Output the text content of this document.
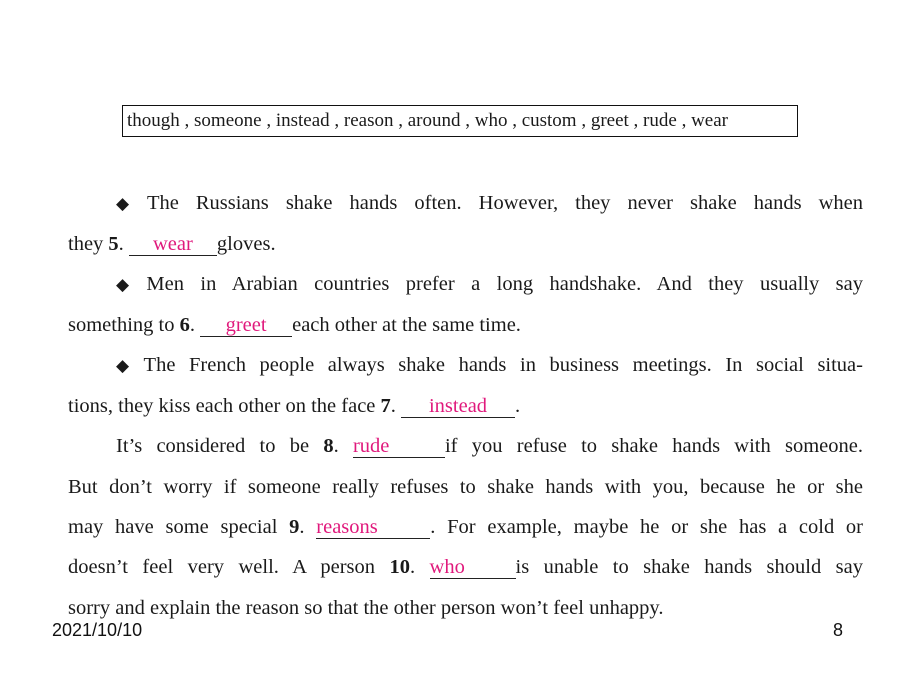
though , someone , instead , reason , around , who , custom , greet , rude , wear
◆ The Russians shake hands often. However, they never shake hands when
they 5. wear gloves.
◆ Men in Arabian countries prefer a long handshake. And they usually say
something to 6. greet each other at the same time.
◆ The French people always shake hands in business meetings. In social situa-
tions, they kiss each other on the face 7. instead .
It’s considered to be 8. rude	if you refuse to shake hands with someone.
But don’t worry if someone really refuses to shake hands with you, because he or she
may have some special 9. reasons	. For example, maybe he or she has a cold or
doesn’t feel very well. A person 10. who is unable to shake hands should say
sorry and explain the reason so that the other person won’t feel unhappy.
2021/10/10	8
